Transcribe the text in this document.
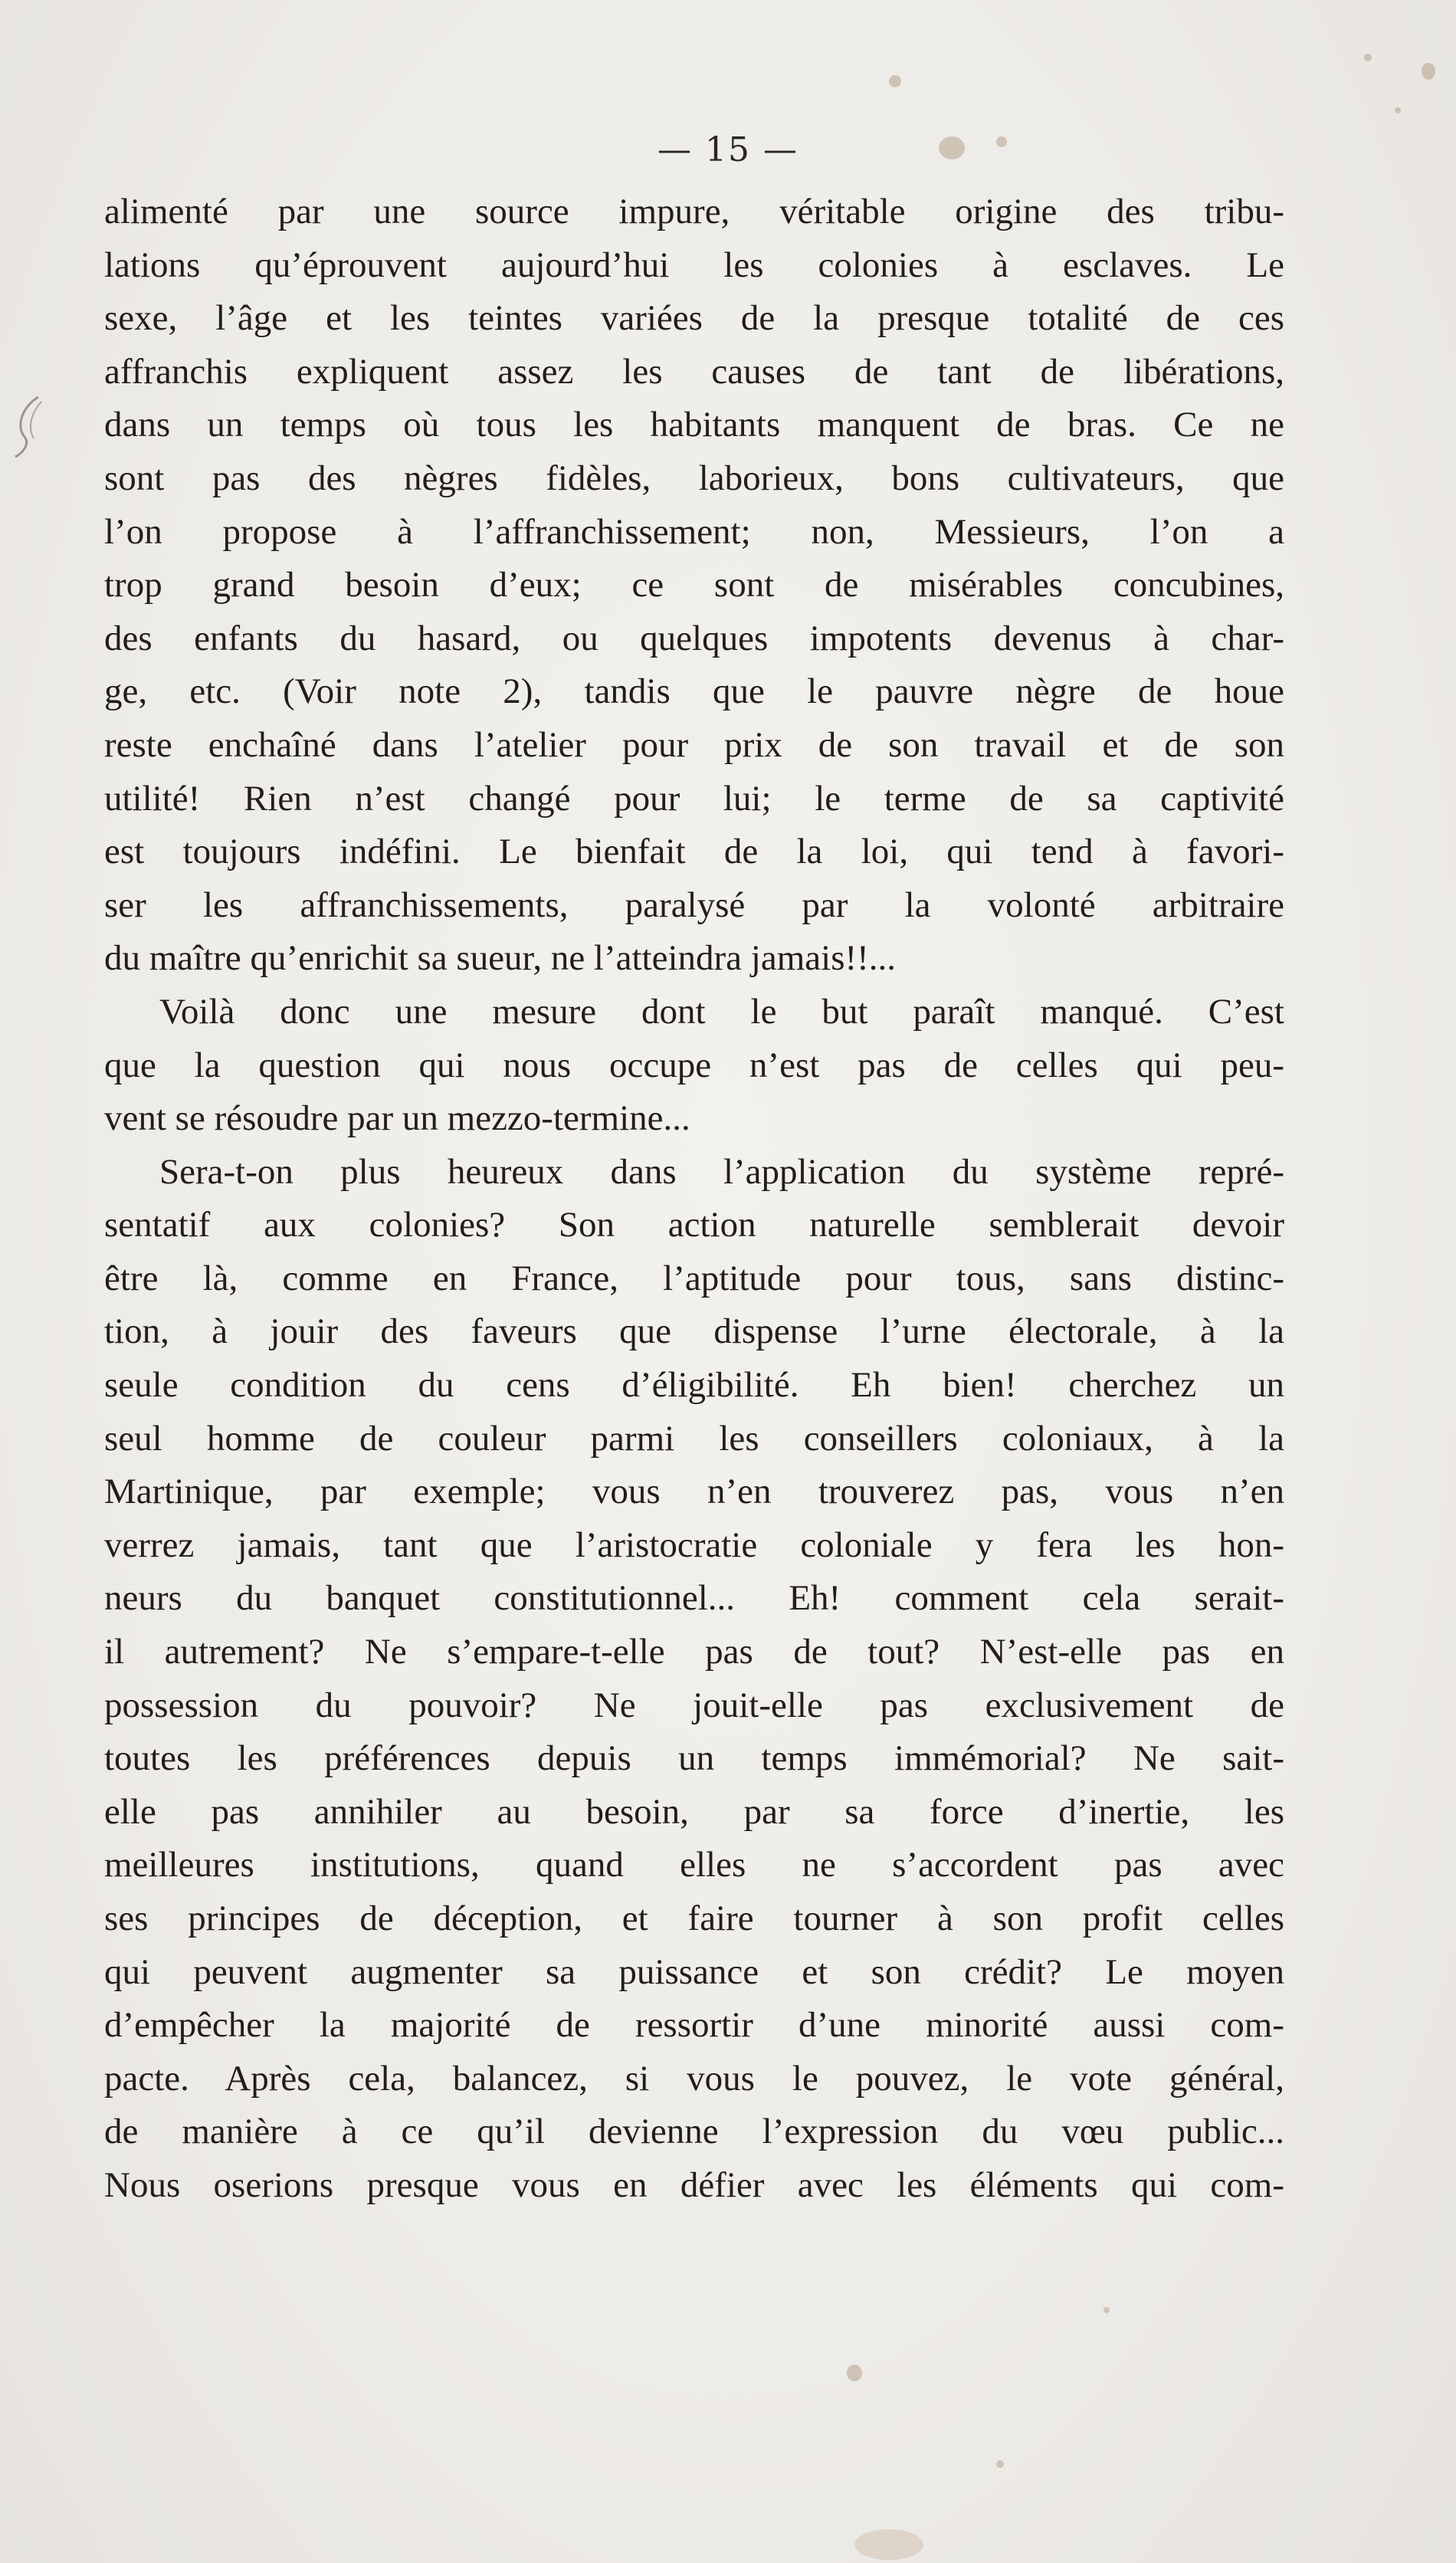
— 15 —
alimenté par une source impure, véritable origine des tribu-
lations qu’éprouvent aujourd’hui les colonies à esclaves. Le
sexe, l’âge et les teintes variées de la presque totalité de ces
affranchis expliquent assez les causes de tant de libérations,
dans un temps où tous les habitants manquent de bras. Ce ne
sont pas des nègres fidèles, laborieux, bons cultivateurs, que
l’on propose à l’affranchissement; non, Messieurs, l’on a
trop grand besoin d’eux; ce sont de misérables concubines,
des enfants du hasard, ou quelques impotents devenus à char-
ge, etc. (Voir note 2), tandis que le pauvre nègre de houe
reste enchaîné dans l’atelier pour prix de son travail et de son
utilité! Rien n’est changé pour lui; le terme de sa captivité
est toujours indéfini. Le bienfait de la loi, qui tend à favori-
ser les affranchissements, paralysé par la volonté arbitraire
du maître qu’enrichit sa sueur, ne l’atteindra jamais!!...
Voilà donc une mesure dont le but paraît manqué. C’est
que la question qui nous occupe n’est pas de celles qui peu-
vent se résoudre par un mezzo-termine...
Sera-t-on plus heureux dans l’application du système repré-
sentatif aux colonies? Son action naturelle semblerait devoir
être là, comme en France, l’aptitude pour tous, sans distinc-
tion, à jouir des faveurs que dispense l’urne électorale, à la
seule condition du cens d’éligibilité. Eh bien! cherchez un
seul homme de couleur parmi les conseillers coloniaux, à la
Martinique, par exemple; vous n’en trouverez pas, vous n’en
verrez jamais, tant que l’aristocratie coloniale y fera les hon-
neurs du banquet constitutionnel... Eh! comment cela serait-
il autrement? Ne s’empare-t-elle pas de tout? N’est-elle pas en
possession du pouvoir? Ne jouit-elle pas exclusivement de
toutes les préférences depuis un temps immémorial? Ne sait-
elle pas annihiler au besoin, par sa force d’inertie, les
meilleures institutions, quand elles ne s’accordent pas avec
ses principes de déception, et faire tourner à son profit celles
qui peuvent augmenter sa puissance et son crédit? Le moyen
d’empêcher la majorité de ressortir d’une minorité aussi com-
pacte. Après cela, balancez, si vous le pouvez, le vote général,
de manière à ce qu’il devienne l’expression du vœu public...
Nous oserions presque vous en défier avec les éléments qui com-
